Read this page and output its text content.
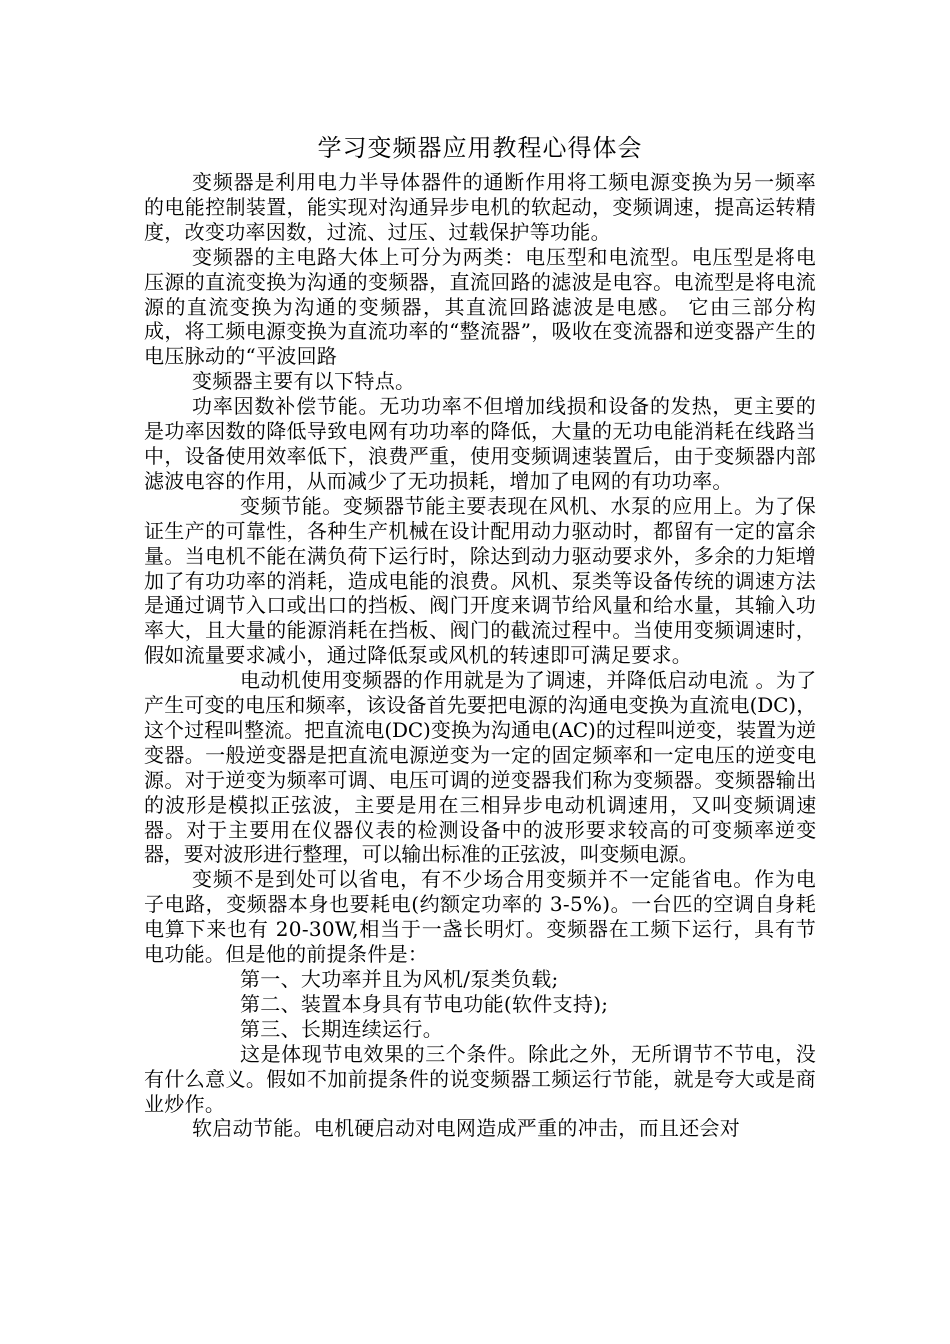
学习变频器应用教程心得体会

变频器是利用电力半导体器件的通断作用将工频电源变换为另一频率的电能控制装置，能实现对沟通异步电机的软起动，变频调速，提高运转精度，改变功率因数，过流、过压、过载保护等功能。

变频器的主电路大体上可分为两类：电压型和电流型。电压型是将电压源的直流变换为沟通的变频器，直流回路的滤波是电容。电流型是将电流源的直流变换为沟通的变频器，其直流回路滤波是电感。 它由三部分构成，将工频电源变换为直流功率的“整流器”，吸收在变流器和逆变器产生的电压脉动的“平波回路

变频器主要有以下特点。

功率因数补偿节能。无功功率不但增加线损和设备的发热，更主要的是功率因数的降低导致电网有功功率的降低，大量的无功电能消耗在线路当中，设备使用效率低下，浪费严重，使用变频调速装置后，由于变频器内部滤波电容的作用，从而减少了无功损耗，增加了电网的有功功率。

变频节能。变频器节能主要表现在风机、水泵的应用上。为了保证生产的可靠性，各种生产机械在设计配用动力驱动时，都留有一定的富余量。当电机不能在满负荷下运行时，除达到动力驱动要求外，多余的力矩增加了有功功率的消耗，造成电能的浪费。风机、泵类等设备传统的调速方法是通过调节入口或出口的挡板、阀门开度来调节给风量和给水量，其输入功率大，且大量的能源消耗在挡板、阀门的截流过程中。当使用变频调速时，假如流量要求减小，通过降低泵或风机的转速即可满足要求。

电动机使用变频器的作用就是为了调速，并降低启动电流 。为了产生可变的电压和频率，该设备首先要把电源的沟通电变换为直流电(DC)，这个过程叫整流。把直流电(DC)变换为沟通电(AC)的过程叫逆变，装置为逆变器。一般逆变器是把直流电源逆变为一定的固定频率和一定电压的逆变电源。对于逆变为频率可调、电压可调的逆变器我们称为变频器。变频器输出的波形是模拟正弦波，主要是用在三相异步电动机调速用，又叫变频调速器。对于主要用在仪器仪表的检测设备中的波形要求较高的可变频率逆变器，要对波形进行整理，可以输出标准的正弦波，叫变频电源。

变频不是到处可以省电，有不少场合用变频并不一定能省电。作为电子电路，变频器本身也要耗电(约额定功率的 3-5%)。一台匹的空调自身耗电算下来也有 20-30W,相当于一盏长明灯。变频器在工频下运行，具有节电功能。但是他的前提条件是：

第一、大功率并且为风机/泵类负载;

第二、装置本身具有节电功能(软件支持);

第三、长期连续运行。

这是体现节电效果的三个条件。除此之外，无所谓节不节电，没有什么意义。假如不加前提条件的说变频器工频运行节能，就是夸大或是商业炒作。

软启动节能。电机硬启动对电网造成严重的冲击，而且还会对
